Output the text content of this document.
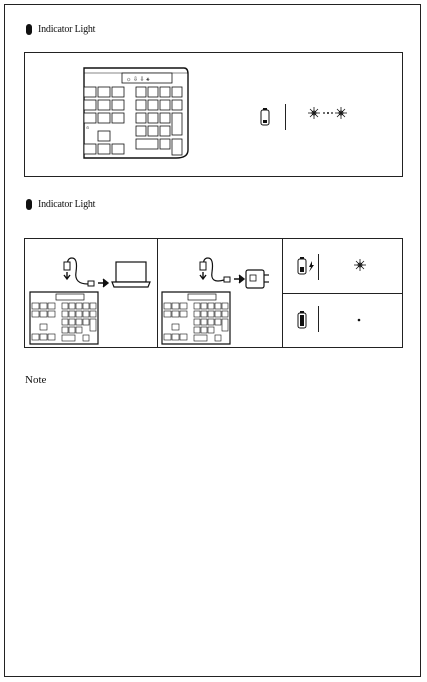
Indicator Light
☼ ⇩ ⇩ ⚹
⊙
Indicator Light
Note
